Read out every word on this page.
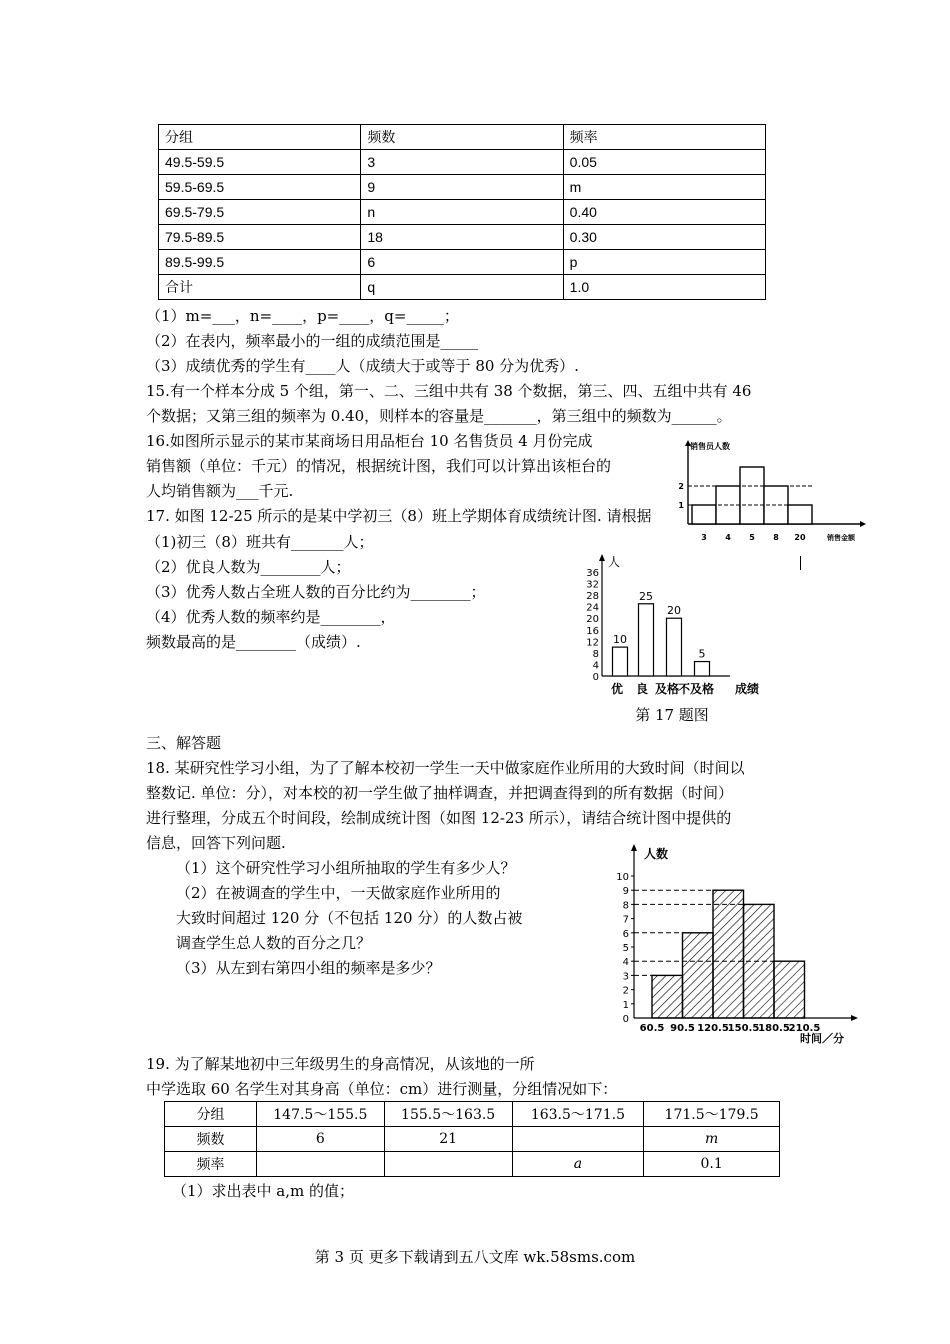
分组	频数	频率
49.5-59.5	3	0.05
59.5-69.5	9	m
69.5-79.5	n	0.40
79.5-89.5	18	0.30
89.5-99.5	6	p
合计	q	1.0
（1）m=___，n=____，p=____，q=_____；
（2）在表内，频率最小的一组的成绩范围是_____
（3）成绩优秀的学生有____人（成绩大于或等于 80 分为优秀）.
15.有一个样本分成 5 个组，第一、二、三组中共有 38 个数据，第三、四、五组中共有 46
个数据；又第三组的频率为 0.40，则样本的容量是_______，第三组中的频数为______。
16.如图所示显示的某市某商场日用品柜台 10 名售货员 4 月份完成
销售额（单位：千元）的情况，根据统计图，我们可以计算出该柜台的
人均销售额为___千元.
17. 如图 12-25 所示的是某中学初三（8）班上学期体育成绩统计图. 请根据
（1)初三（8）班共有_______人；
（2）优良人数为________人；
（3）优秀人数占全班人数的百分比约为________；
（4）优秀人数的频率约是________，
频数最高的是________（成绩）.
三、解答题
18. 某研究性学习小组，为了了解本校初一学生一天中做家庭作业所用的大致时间（时间以
整数记. 单位：分），对本校的初一学生做了抽样调查，并把调查得到的所有数据（时间）
进行整理，分成五个时间段，绘制成统计图（如图 12-23 所示），请结合统计图中提供的
信息，回答下列问题.
（1）这个研究性学习小组所抽取的学生有多少人？
（2）在被调查的学生中，一天做家庭作业所用的
大致时间超过 120 分（不包括 120 分）的人数占被
调查学生总人数的百分之几？
（3）从左到右第四小组的频率是多少？
19. 为了解某地初中三年级男生的身高情况，从该地的一所
中学选取 60 名学生对其身高（单位：cm）进行测量，分组情况如下：
分组	147.5～155.5	155.5～163.5	163.5～171.5	171.5～179.5
频数	6	21		m
频率			a	0.1
（1）求出表中 a,m 的值；
第 3 页 更多下载请到五八文库 wk.58sms.com
销售员人数
销售金额
3 4 5 8 20
1
2
人
0
4
8
12
16
20
24
28
32
36
10
25
20
5
优 良 及格
不及格 成绩
第 17 题图
人数
时间／分
0
1
2
3
4
5
6
7
8
9
10
60.5 90.5 120.5
150.5
180.5
210.5
